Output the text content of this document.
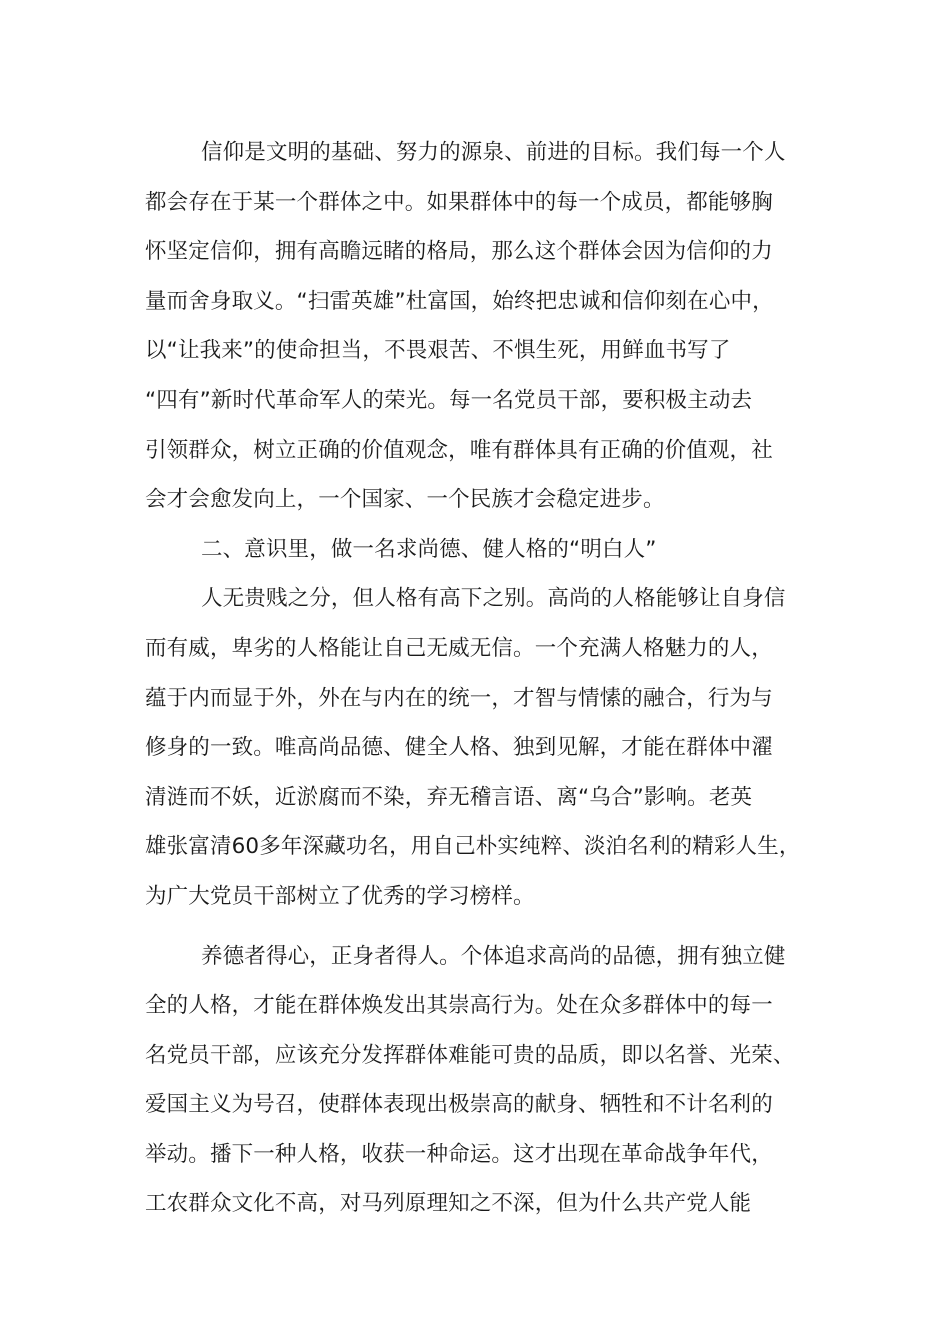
信仰是文明的基础、努力的源泉、前进的目标。我们每一个人
都会存在于某一个群体之中。如果群体中的每一个成员，都能够胸
怀坚定信仰，拥有高瞻远睹的格局，那么这个群体会因为信仰的力
量而舍身取义。“扫雷英雄”杜富国，始终把忠诚和信仰刻在心中，
以“让我来”的使命担当，不畏艰苦、不惧生死，用鲜血书写了
“四有”新时代革命军人的荣光。每一名党员干部，要积极主动去
引领群众，树立正确的价值观念，唯有群体具有正确的价值观，社
会才会愈发向上，一个国家、一个民族才会稳定进步。
二、意识里，做一名求尚德、健人格的“明白人”
人无贵贱之分，但人格有高下之别。高尚的人格能够让自身信
而有威，卑劣的人格能让自己无威无信。一个充满人格魅力的人，
蕴于内而显于外，外在与内在的统一，才智与情愫的融合，行为与
修身的一致。唯高尚品德、健全人格、独到见解，才能在群体中濯
清涟而不妖，近淤腐而不染，弃无稽言语、离“乌合”影响。老英
雄张富清60多年深藏功名，用自己朴实纯粹、淡泊名利的精彩人生，
为广大党员干部树立了优秀的学习榜样。
养德者得心，正身者得人。个体追求高尚的品德，拥有独立健
全的人格，才能在群体焕发出其崇高行为。处在众多群体中的每一
名党员干部，应该充分发挥群体难能可贵的品质，即以名誉、光荣、
爱国主义为号召，使群体表现出极崇高的献身、牺牲和不计名利的
举动。播下一种人格，收获一种命运。这才出现在革命战争年代，
工农群众文化不高，对马列原理知之不深，但为什么共产党人能
